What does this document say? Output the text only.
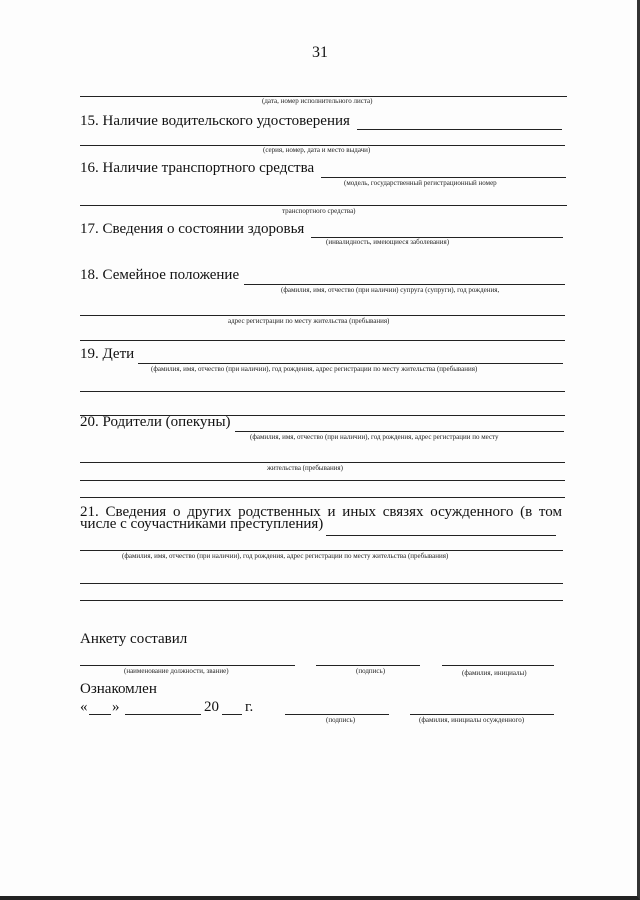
31
(дата, номер исполнительного листа)
15. Наличие водительского удостоверения
(серия, номер, дата и место выдачи)
16. Наличие транспортного средства
(модель, государственный регистрационный номер
транспортного средства)
17. Сведения о состоянии здоровья
(инвалидность, имеющиеся заболевания)
18. Семейное положение
(фамилия, имя, отчество (при наличии) супруга (супруги), год рождения,
адрес регистрации по месту жительства (пребывания)
19. Дети
(фамилия, имя, отчество (при наличии), год рождения, адрес регистрации по месту жительства (пребывания)
20. Родители (опекуны)
(фамилия, имя, отчество (при наличии), год рождения, адрес регистрации по месту
жительства (пребывания)
21. Сведения о других родственных и иных связях осужденного (в том
числе с соучастниками преступления)
(фамилия, имя, отчество (при наличии), год рождения, адрес регистрации по месту жительства (пребывания)
Анкету составил
(наименование должности, звание)	(подпись)	(фамилия, инициалы)
Ознакомлен
« »	20 г.
(подпись)	(фамилия, инициалы осужденного)
